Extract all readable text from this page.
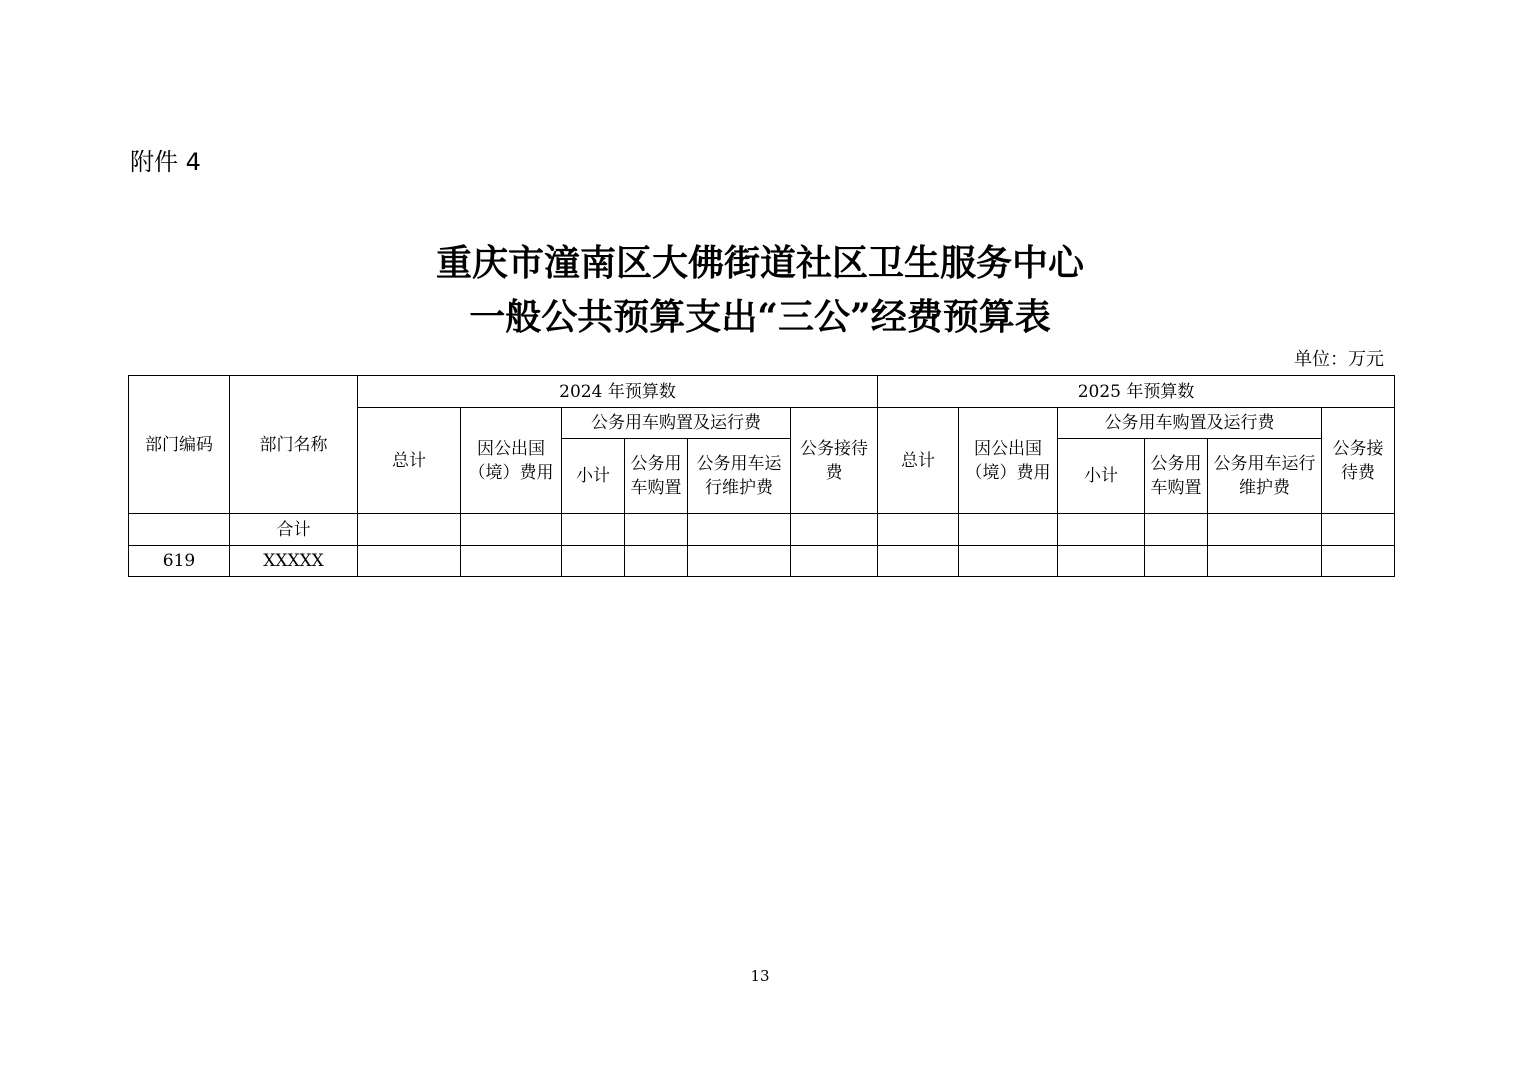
附件 4
重庆市潼南区大佛街道社区卫生服务中心
一般公共预算支出“三公”经费预算表
单位：万元
部门编码	部门名称	2024 年预算数						2025 年预算数					
		总计	因公出国（境）费用	公务用车购置及运行费			公务接待费	总计	因公出国（境）费用	公务用车购置及运行费			公务接待费
				小计	公务用车购置	公务用车运行维护费				小计	公务用车购置	公务用车运行维护费	
	合计												
619	XXXXX												
13
